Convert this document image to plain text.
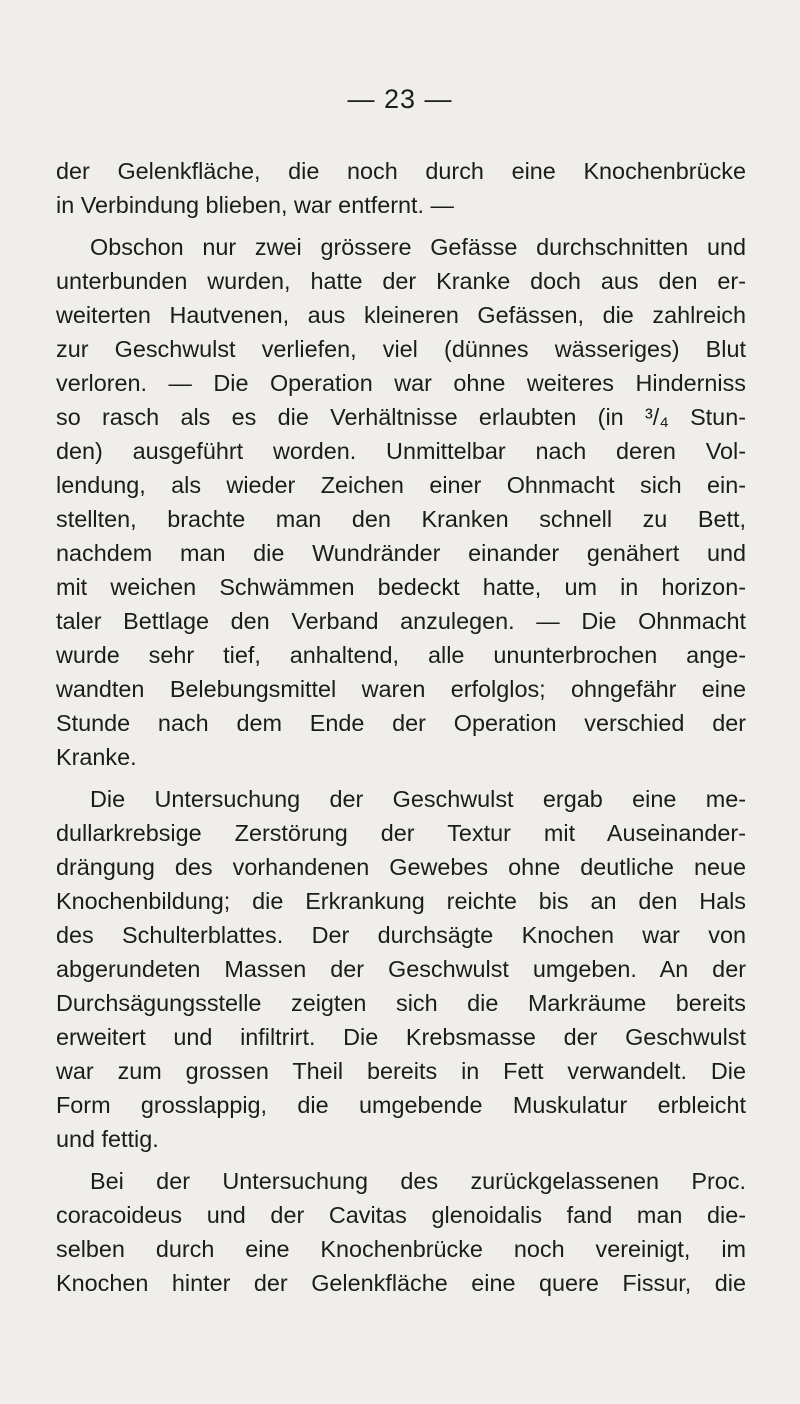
— 23 —
der Gelenkfläche, die noch durch eine Knochenbrücke
in Verbindung blieben, war entfernt. —
Obschon nur zwei grössere Gefässe durchschnitten und
unterbunden wurden, hatte der Kranke doch aus den er-
weiterten Hautvenen, aus kleineren Gefässen, die zahlreich
zur Geschwulst verliefen, viel (dünnes wässeriges) Blut
verloren. — Die Operation war ohne weiteres Hinderniss
so rasch als es die Verhältnisse erlaubten (in ³/₄ Stun-
den) ausgeführt worden. Unmittelbar nach deren Vol-
lendung, als wieder Zeichen einer Ohnmacht sich ein-
stellten, brachte man den Kranken schnell zu Bett,
nachdem man die Wundränder einander genähert und
mit weichen Schwämmen bedeckt hatte, um in horizon-
taler Bettlage den Verband anzulegen. — Die Ohnmacht
wurde sehr tief, anhaltend, alle ununterbrochen ange-
wandten Belebungsmittel waren erfolglos; ohngefähr eine
Stunde nach dem Ende der Operation verschied der
Kranke.
Die Untersuchung der Geschwulst ergab eine me-
dullarkrebsige Zerstörung der Textur mit Auseinander-
drängung des vorhandenen Gewebes ohne deutliche neue
Knochenbildung; die Erkrankung reichte bis an den Hals
des Schulterblattes. Der durchsägte Knochen war von
abgerundeten Massen der Geschwulst umgeben. An der
Durchsägungsstelle zeigten sich die Markräume bereits
erweitert und infiltrirt. Die Krebsmasse der Geschwulst
war zum grossen Theil bereits in Fett verwandelt. Die
Form grosslappig, die umgebende Muskulatur erbleicht
und fettig.
Bei der Untersuchung des zurückgelassenen Proc.
coracoideus und der Cavitas glenoidalis fand man die-
selben durch eine Knochenbrücke noch vereinigt, im
Knochen hinter der Gelenkfläche eine quere Fissur, die
